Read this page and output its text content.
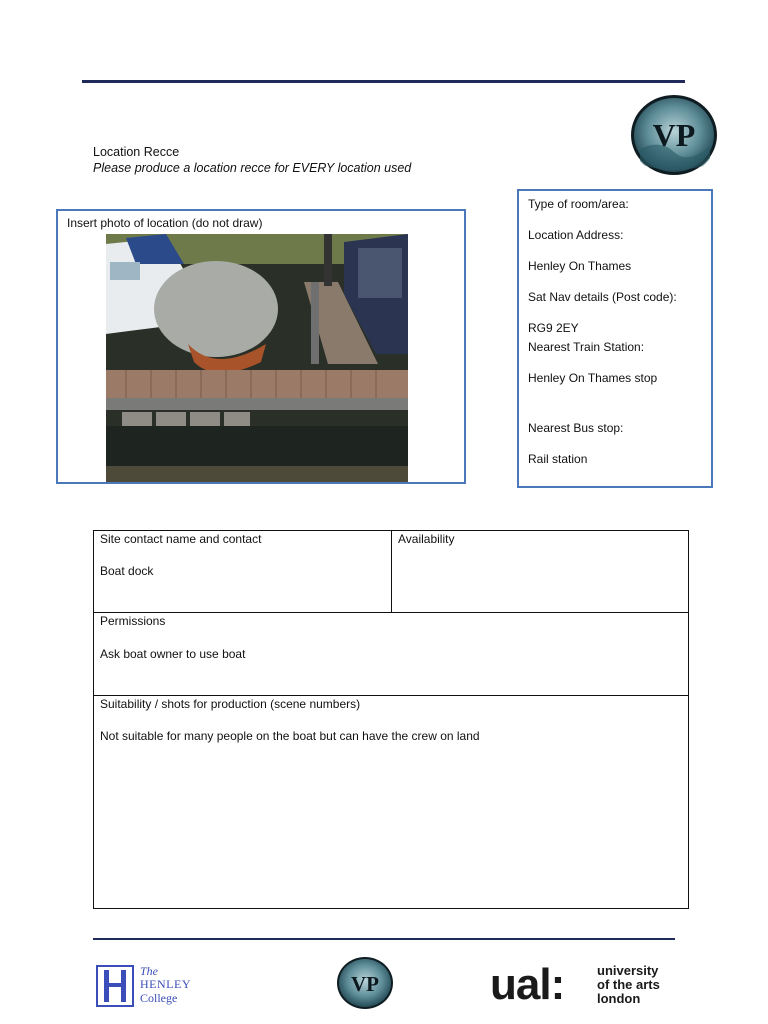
VP
Location Recce
Please produce a location recce for EVERY location used
Insert photo of location (do not draw)
Type of room/area:
Location Address:
Henley On Thames
Sat Nav details (Post code):
RG9 2EY
Nearest Train Station:
Henley On Thames stop
Nearest Bus stop:
Rail station
Site contact name and contact
Boat dock
Availability
Permissions
Ask boat owner to use boat
Suitability / shots for production (scene numbers)
Not suitable for many people on the boat but can have the crew on land
The
HENLEY
College
VP	ual:	university
of the arts
london
